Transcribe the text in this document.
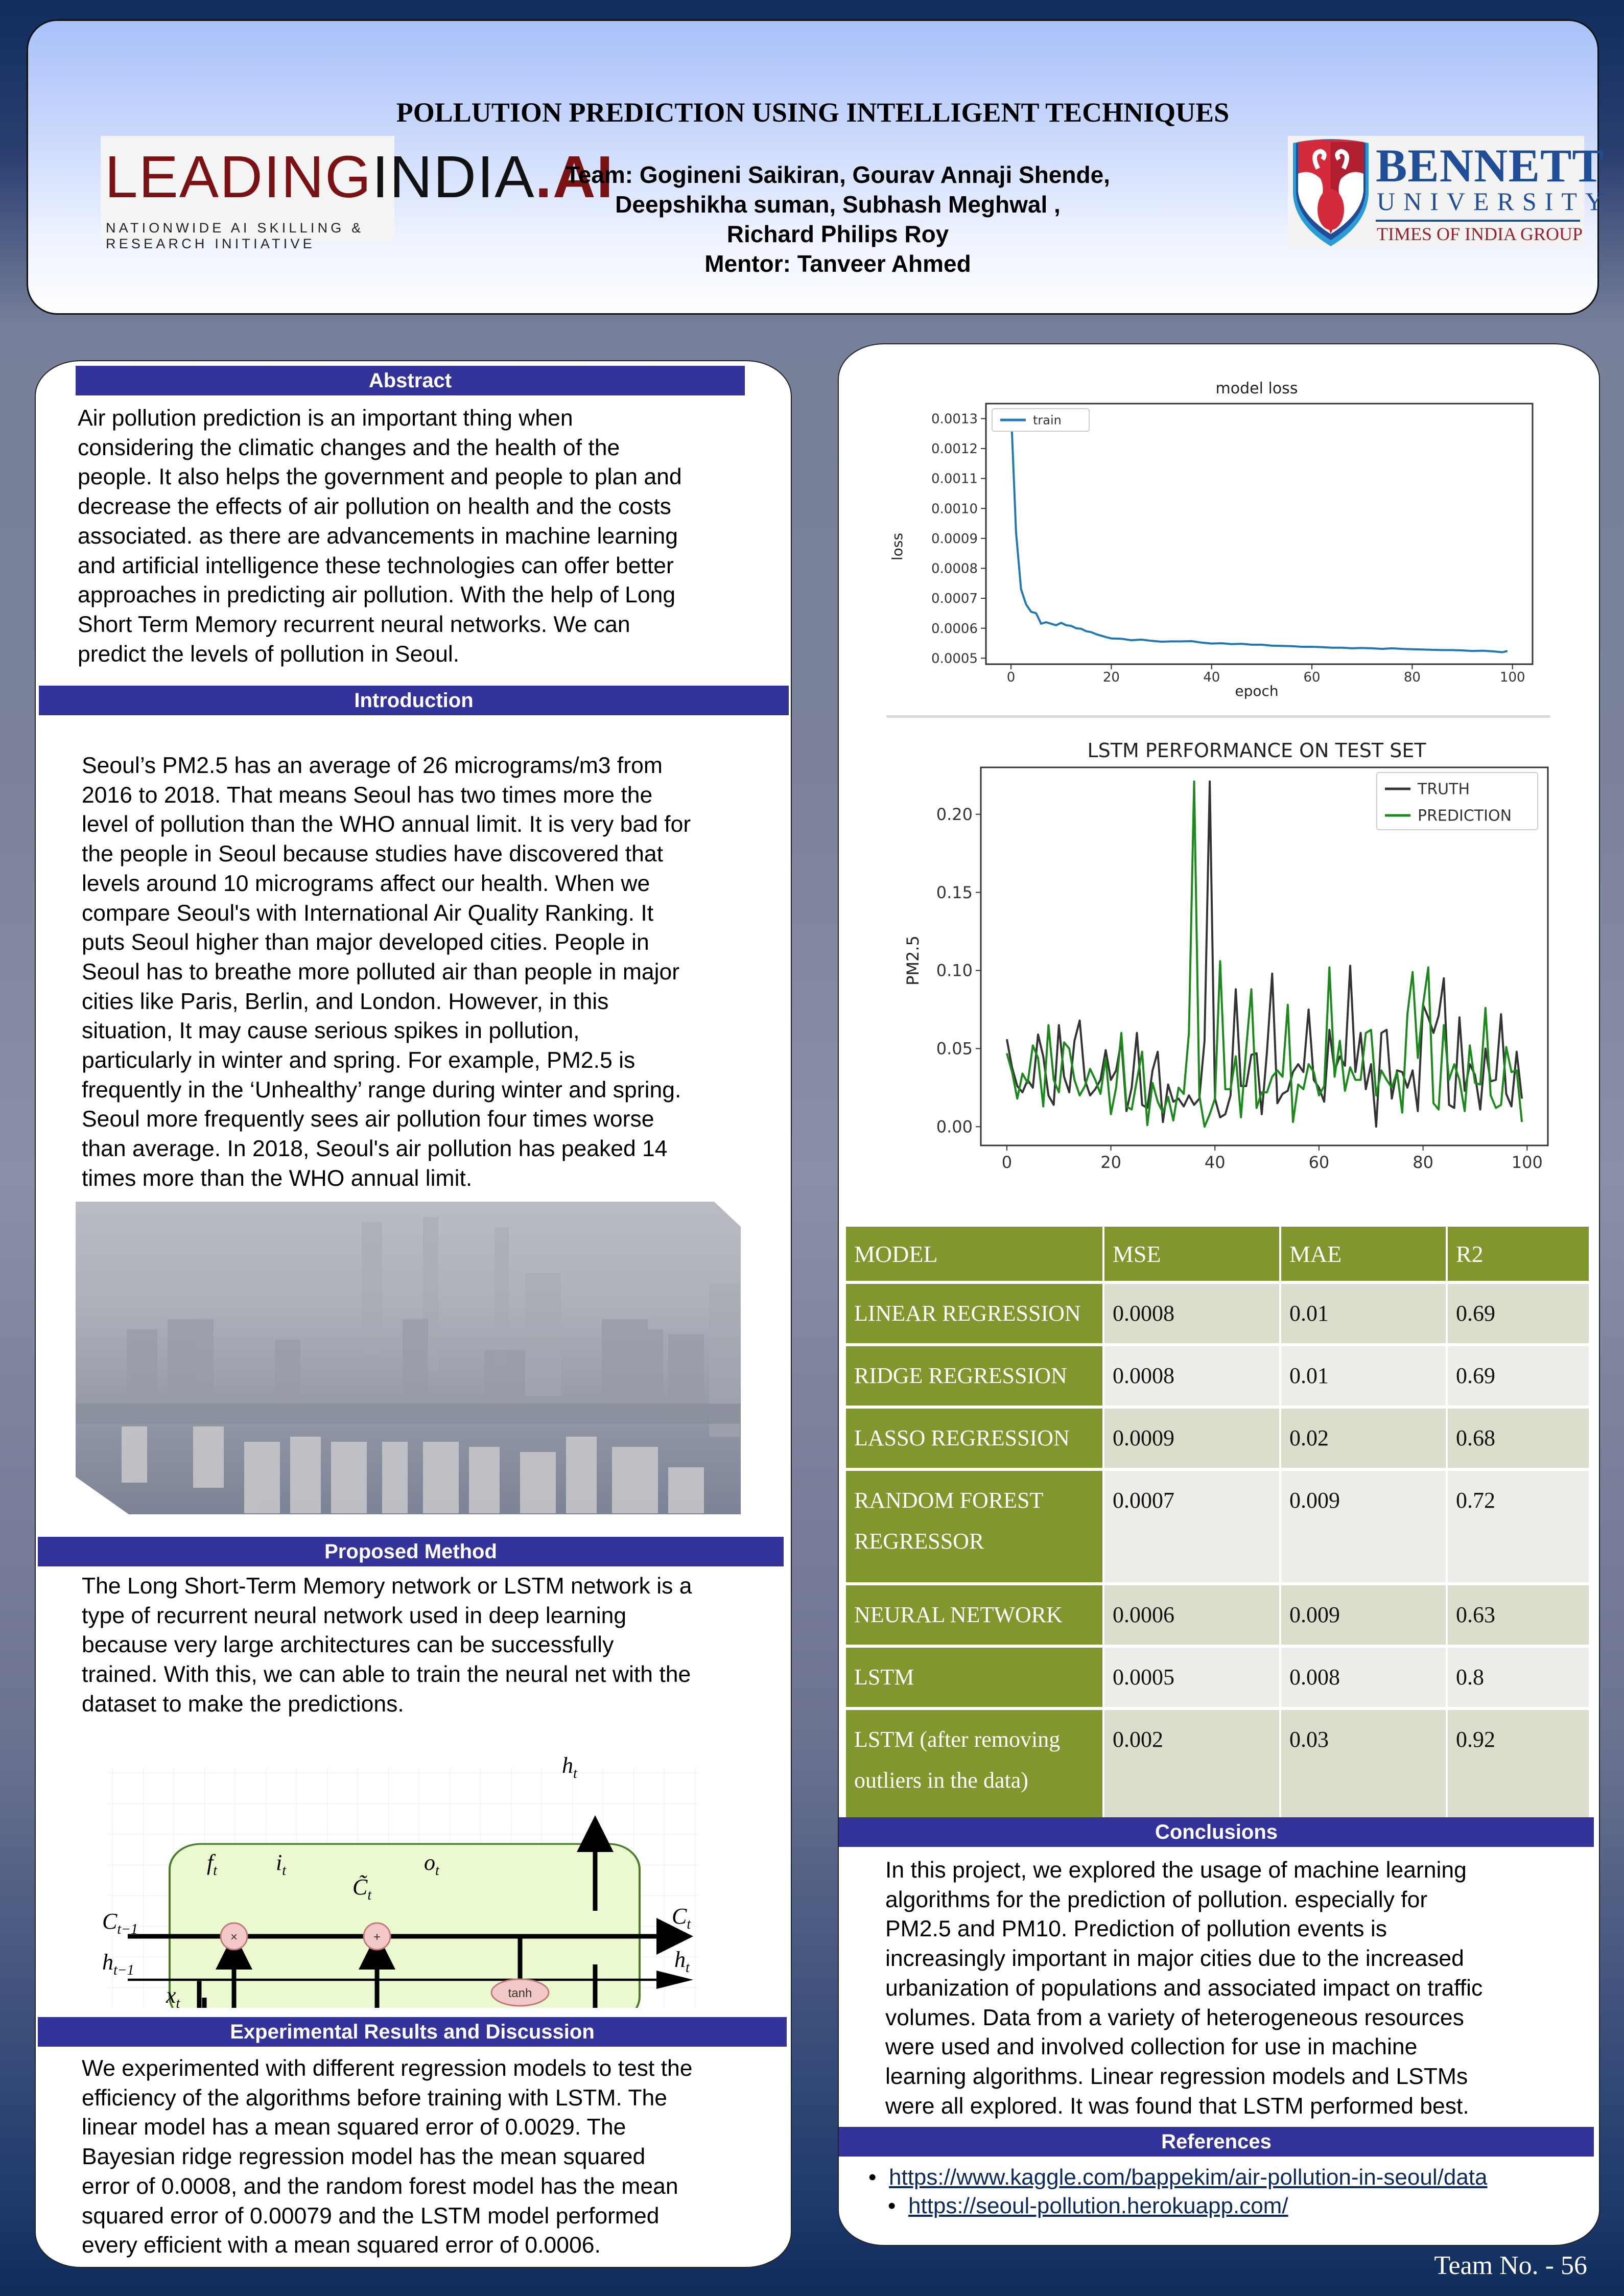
POLLUTION PREDICTION USING INTELLIGENT TECHNIQUES
LEADINGINDIA.AI
NATIONWIDE AI SKILLING & RESEARCH INITIATIVE
Team: Gogineni Saikiran, Gourav Annaji Shende,
Deepshikha suman, Subhash Meghwal ,
Richard Philips Roy
Mentor: Tanveer Ahmed
BENNETT
UNIVERSITY
TIMES OF INDIA GROUP
Abstract
Air pollution prediction is an important thing when
considering the climatic changes and the health of the
people. It also helps the government and people to plan and
decrease the effects of air pollution on health and the costs
associated. as there are advancements in machine learning
and artificial intelligence these technologies can offer better
approaches in predicting air pollution. With the help of Long
Short Term Memory recurrent neural networks. We can
predict the levels of pollution in Seoul.
Introduction
Seoul’s PM2.5 has an average of 26 micrograms/m3 from
2016 to 2018. That means Seoul has two times more the
level of pollution than the WHO annual limit. It is very bad for
the people in Seoul because studies have discovered that
levels around 10 micrograms affect our health. When we
compare Seoul's with International Air Quality Ranking. It
puts Seoul higher than major developed cities. People in
Seoul has to breathe more polluted air than people in major
cities like Paris, Berlin, and London. However, in this
situation, It may cause serious spikes in pollution,
particularly in winter and spring. For example, PM2.5 is
frequently in the ‘Unhealthy’ range during winter and spring.
Seoul more frequently sees air pollution four times worse
than average. In 2018, Seoul's air pollution has peaked 14
times more than the WHO annual limit.
Proposed Method
The Long Short-Term Memory network or LSTM network is a
type of recurrent neural network used in deep learning
because very large architectures can be successfully
trained. With this, we can able to train the neural net with the
dataset to make the predictions.
×	+
tanh
$C_{t-1}$
$C_t$
$h_{t-1}$	$h_t$
$h_t$
$x_t$
$f_t$	$i_t$	$o_t$
$C̃_t$
Experimental Results and Discussion
We experimented with different regression models to test the
efficiency of the algorithms before training with LSTM. The
linear model has a mean squared error of 0.0029. The
Bayesian ridge regression model has the mean squared
error of 0.0008, and the random forest model has the mean
squared error of 0.00079 and the LSTM model performed
every efficient with a mean squared error of 0.0006.
model loss
epoch
loss
0	20	40	60	80	100
0.0005
0.0006
0.0007
0.0008
0.0009
0.0010
0.0011
0.0012
0.0013	train
LSTM PERFORMANCE ON TEST SET
PM2.5
0	20	40	60	80	100
0.00
0.05
0.10
0.15
0.20
TRUTH
PREDICTION
MODEL	MSE	MAE	R2
LINEAR REGRESSION	0.0008	0.01	0.69
RIDGE REGRESSION	0.0008	0.01	0.69
LASSO REGRESSION	0.0009	0.02	0.68
RANDOM FOREST REGRESSOR	0.0007	0.009	0.72
NEURAL NETWORK	0.0006	0.009	0.63
LSTM	0.0005	0.008	0.8
LSTM (after removing outliers in the data)	0.002	0.03	0.92
Conclusions
In this project, we explored the usage of machine learning
algorithms for the prediction of pollution. especially for
PM2.5 and PM10. Prediction of pollution events is
increasingly important in major cities due to the increased
urbanization of populations and associated impact on traffic
volumes. Data from a variety of heterogeneous resources
were used and involved collection for use in machine
learning algorithms. Linear regression models and LSTMs
were all explored. It was found that LSTM performed best.
References
• https://www.kaggle.com/bappekim/air-pollution-in-seoul/data
• https://seoul-pollution.herokuapp.com/
Team No. - 56
